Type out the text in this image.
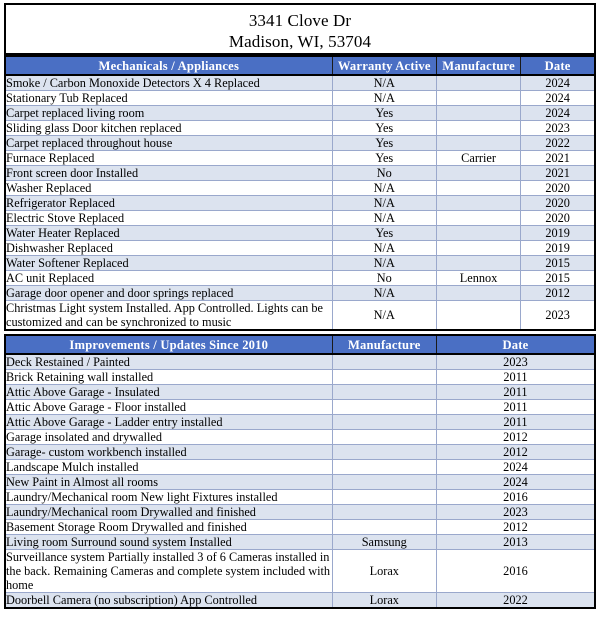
3341 Clove Dr
Madison, WI, 53704
Mechanicals / Appliances	Warranty Active	Manufacture	Date
Smoke / Carbon Monoxide Detectors X 4 Replaced	N/A		2024
Stationary Tub Replaced	N/A		2024
Carpet replaced living room	Yes		2024
Sliding glass Door kitchen replaced	Yes		2023
Carpet replaced throughout house	Yes		2022
Furnace Replaced	Yes	Carrier	2021
Front screen door Installed	No		2021
Washer Replaced	N/A		2020
Refrigerator Replaced	N/A		2020
Electric Stove Replaced	N/A		2020
Water Heater Replaced	Yes		2019
Dishwasher Replaced	N/A		2019
Water Softener Replaced	N/A		2015
AC unit Replaced	No	Lennox	2015
Garage door opener and door springs replaced	N/A		2012
Christmas Light system Installed. App Controlled. Lights can be customized and can be synchronized to music	N/A		2023
Improvements / Updates Since 2010	Manufacture	Date
Deck Restained / Painted		2023
Brick Retaining wall installed		2011
Attic Above Garage - Insulated		2011
Attic Above Garage - Floor installed		2011
Attic Above Garage - Ladder entry installed		2011
Garage insolated and drywalled		2012
Garage- custom workbench installed		2012
Landscape Mulch installed		2024
New Paint in Almost all rooms		2024
Laundry/Mechanical room New light Fixtures installed		2016
Laundry/Mechanical room Drywalled and finished		2023
Basement Storage Room Drywalled and finished		2012
Living room Surround sound system Installed	Samsung	2013
Surveillance system Partially installed 3 of 6 Cameras installed in the back. Remaining Cameras and complete system included with home	Lorax	2016
Doorbell Camera (no subscription) App Controlled	Lorax	2022
